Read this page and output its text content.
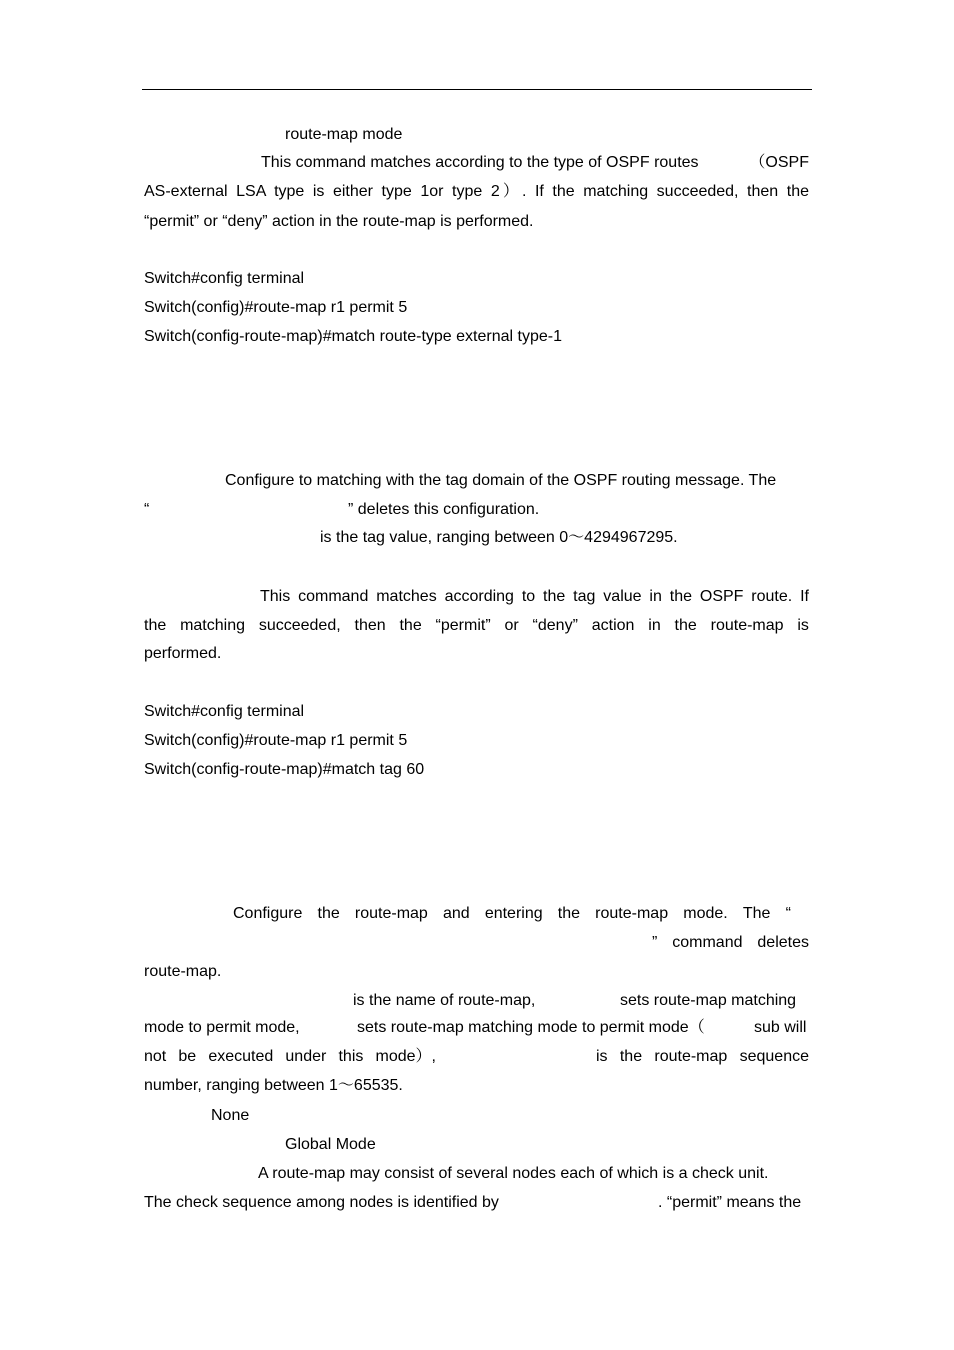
route-map mode
This command matches according to the type of OSPF routes	（OSPF
AS-external LSA type is either type 1or type 2）. If the matching succeeded, then the
“permit” or “deny” action in the route-map is performed.
Switch#config terminal
Switch(config)#route-map r1 permit 5
Switch(config-route-map)#match route-type external type-1
Configure to matching with the tag domain of the OSPF routing message. The
“	” deletes this configuration.
is the tag value, ranging between 0～4294967295.
This command matches according to the tag value in the OSPF route. If
the matching succeeded, then the “permit” or “deny” action in the route-map is
performed.
Switch#config terminal
Switch(config)#route-map r1 permit 5
Switch(config-route-map)#match tag 60
Configure the route-map and entering the route-map mode. The “
” command deletes
route-map.
is the name of route-map,	sets route-map matching
mode to permit mode,	sets route-map matching mode to permit mode（	sub will
not be executed under this mode）,	is the route-map sequence
number, ranging between 1～65535.
None
Global Mode
A route-map may consist of several nodes each of which is a check unit.
The check sequence among nodes is identified by	. “permit” means the
